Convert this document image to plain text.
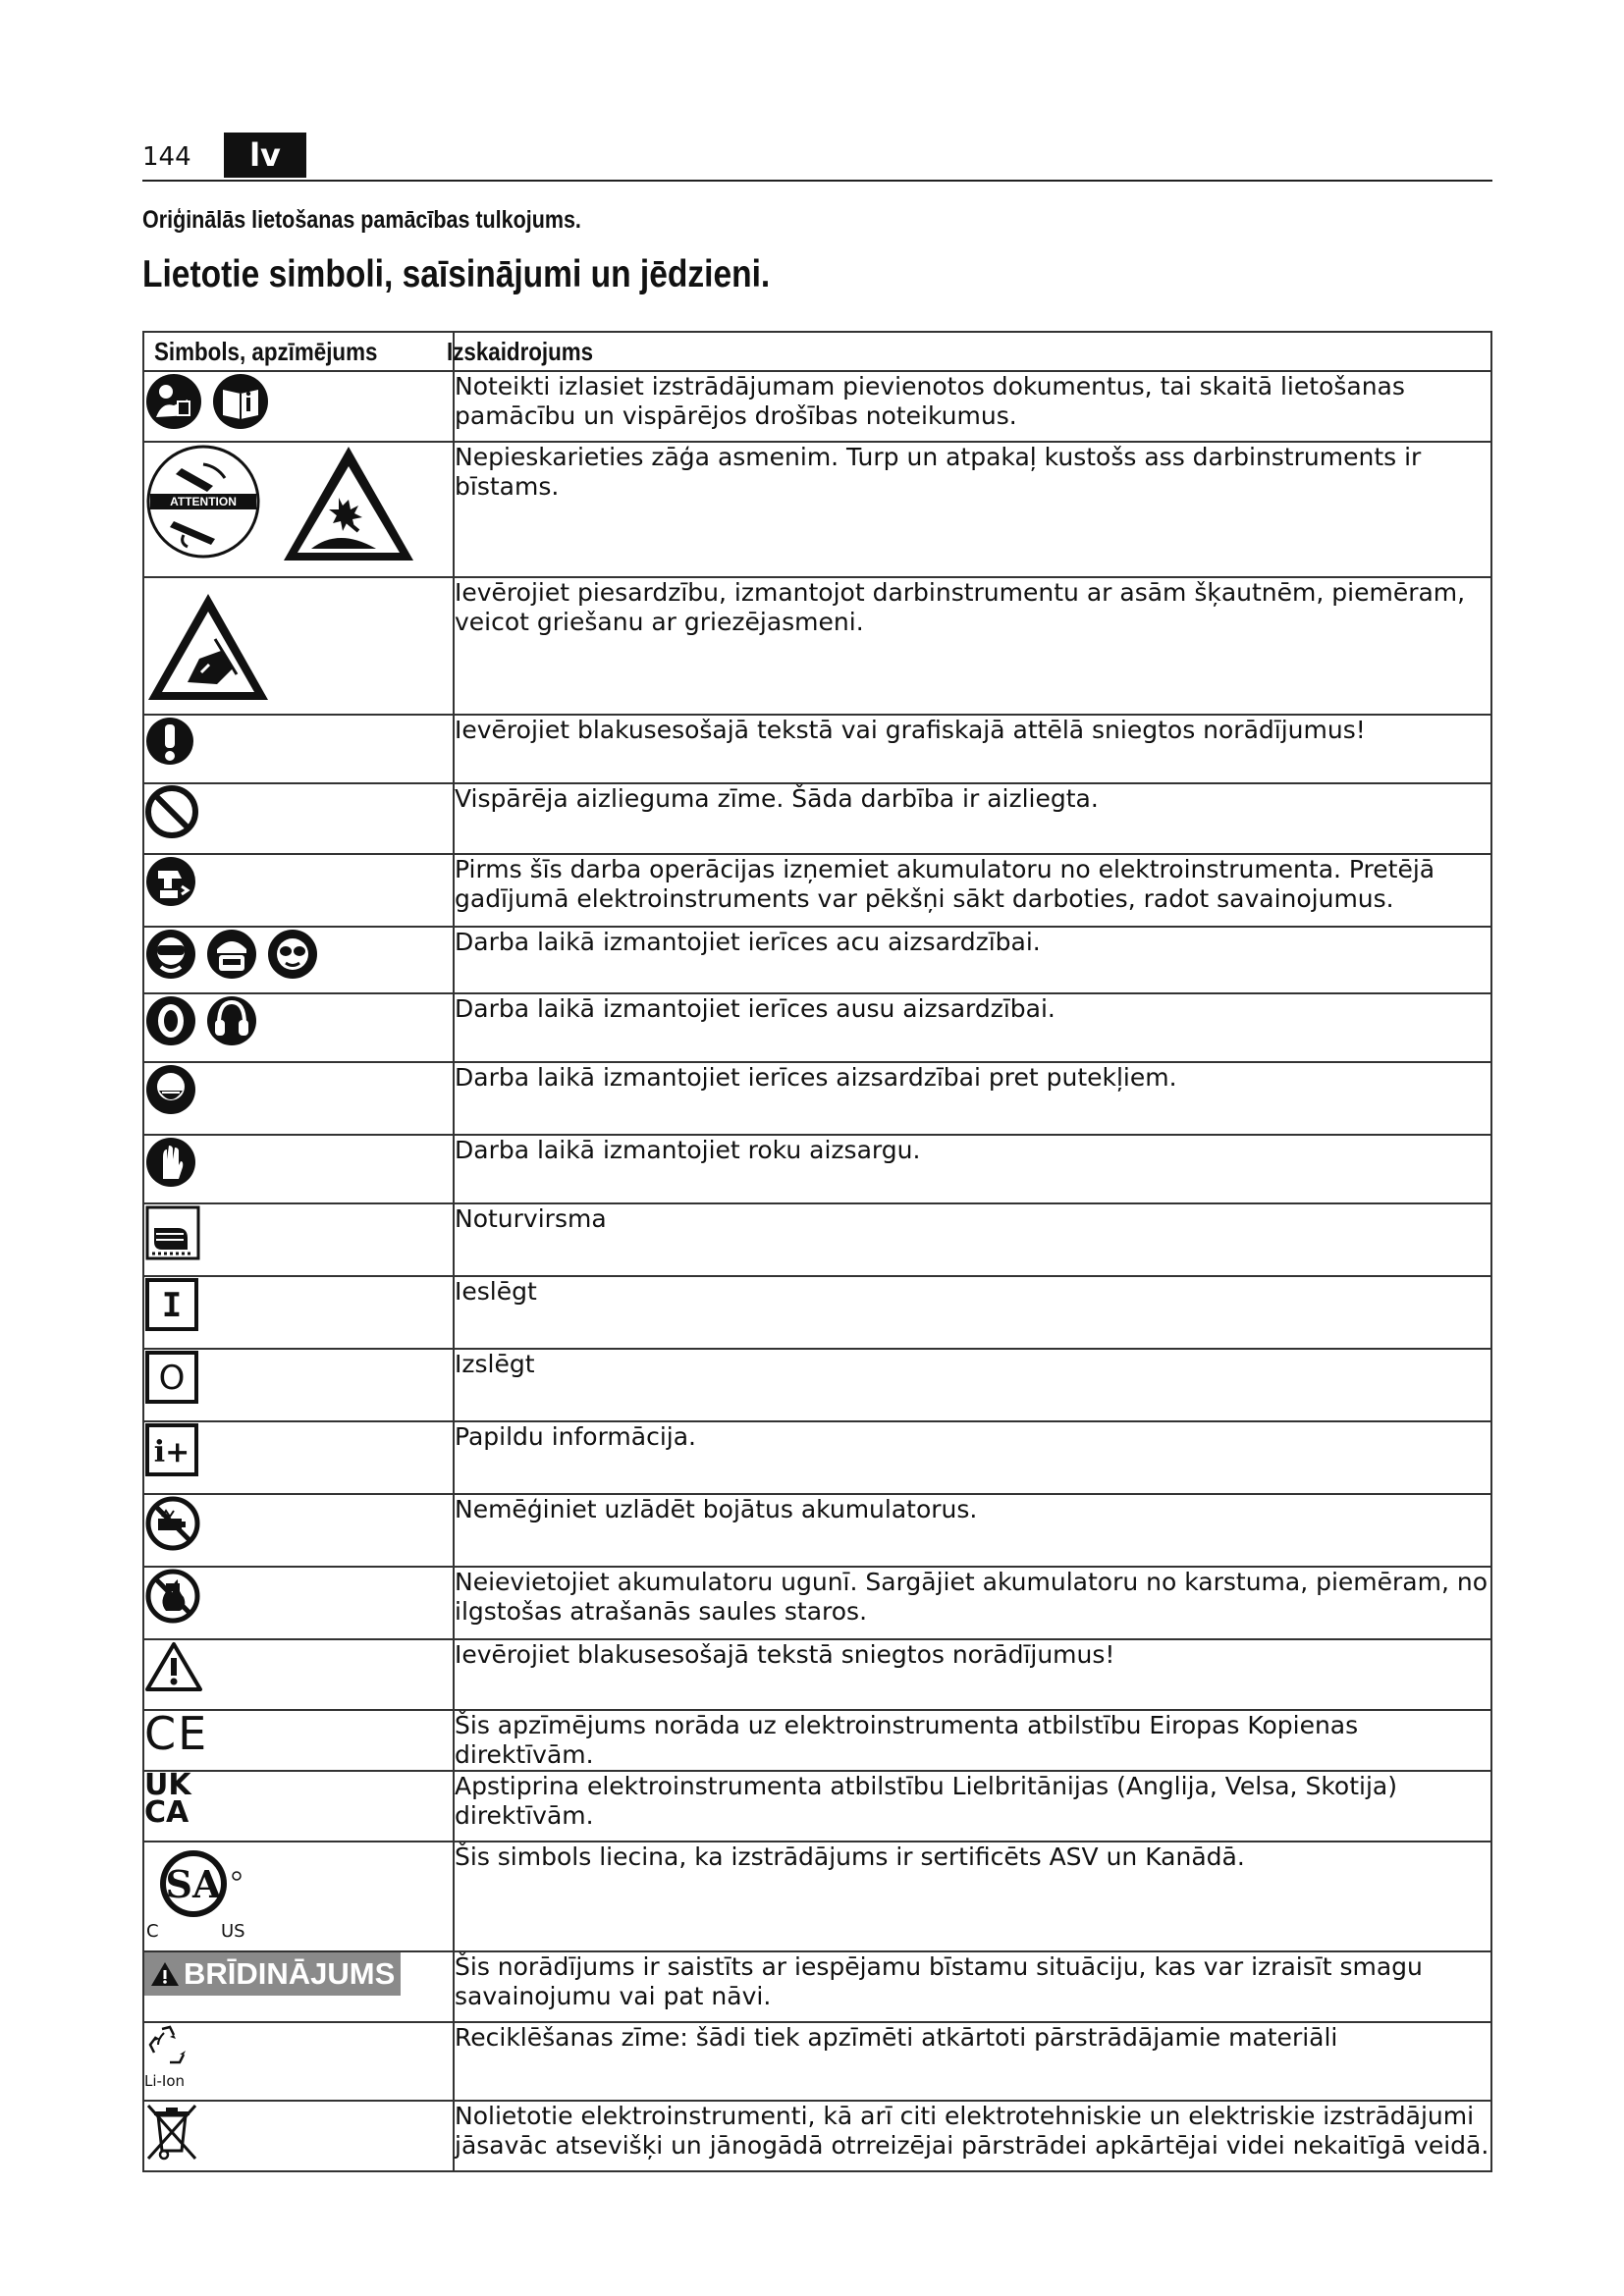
144	lv
Oriģinālās lietošanas pamācības tulkojums.
Lietotie simboli, saīsinājumi un jēdzieni.
Simbols, apzīmējums	Izskaidrojums

	Noteikti izlasiet izstrādājumam pievienotos dokumentus, tai skaitā lietošanas pamācību un vispārējos drošības noteikumus.

ATTENTION	Nepieskarieties zāģa asmenim. Turp un atpakaļ kustošs ass darbinstruments ir bīstams.

	Ievērojiet piesardzību, izmantojot darbinstrumentu ar asām šķautnēm, piemēram, veicot griešanu ar griezējasmeni.

	Ievērojiet blakusesošajā tekstā vai grafiskajā attēlā sniegtos norādījumus!

	Vispārēja aizlieguma zīme. Šāda darbība ir aizliegta.

	Pirms šīs darba operācijas izņemiet akumulatoru no elektroinstrumenta. Pretējā gadījumā elektroinstruments var pēkšņi sākt darboties, radot savainojumus.

	Darba laikā izmantojiet ierīces acu aizsardzībai.

	Darba laikā izmantojiet ierīces ausu aizsardzībai.

	Darba laikā izmantojiet ierīces aizsardzībai pret putekļiem.

	Darba laikā izmantojiet roku aizsargu.

	Noturvirsma

I	Ieslēgt

O	Izslēgt

i+	Papildu informācija.

	Nemēģiniet uzlādēt bojātus akumulatorus.

	Neievietojiet akumulatoru ugunī. Sargājiet akumulatoru no karstuma, piemēram, no ilgstošas atrašanās saules staros.

	Ievērojiet blakusesošajā tekstā sniegtos norādījumus!
CE	Šis apzīmējums norāda uz elektroinstrumenta atbilstību Eiropas Kopienas direktīvām.

UK
CA	Apstiprina elektroinstrumenta atbilstību Lielbritānijas (Anglija, Velsa, Skotija) direktīvām.

SA
C US	Šis simbols liecina, ka izstrādājums ir sertificēts ASV un Kanādā.

BRĪDINĀJUMS	Šis norādījums ir saistīts ar iespējamu bīstamu situāciju, kas var izraisīt smagu savainojumu vai pat nāvi.

Li-Ion	Reciklēšanas zīme: šādi tiek apzīmēti atkārtoti pārstrādājamie materiāli

	Nolietotie elektroinstrumenti, kā arī citi elektrotehniskie un elektriskie izstrādājumi jāsavāc atsevišķi un jānogādā otrreizējai pārstrādei apkārtējai videi nekaitīgā veidā.
